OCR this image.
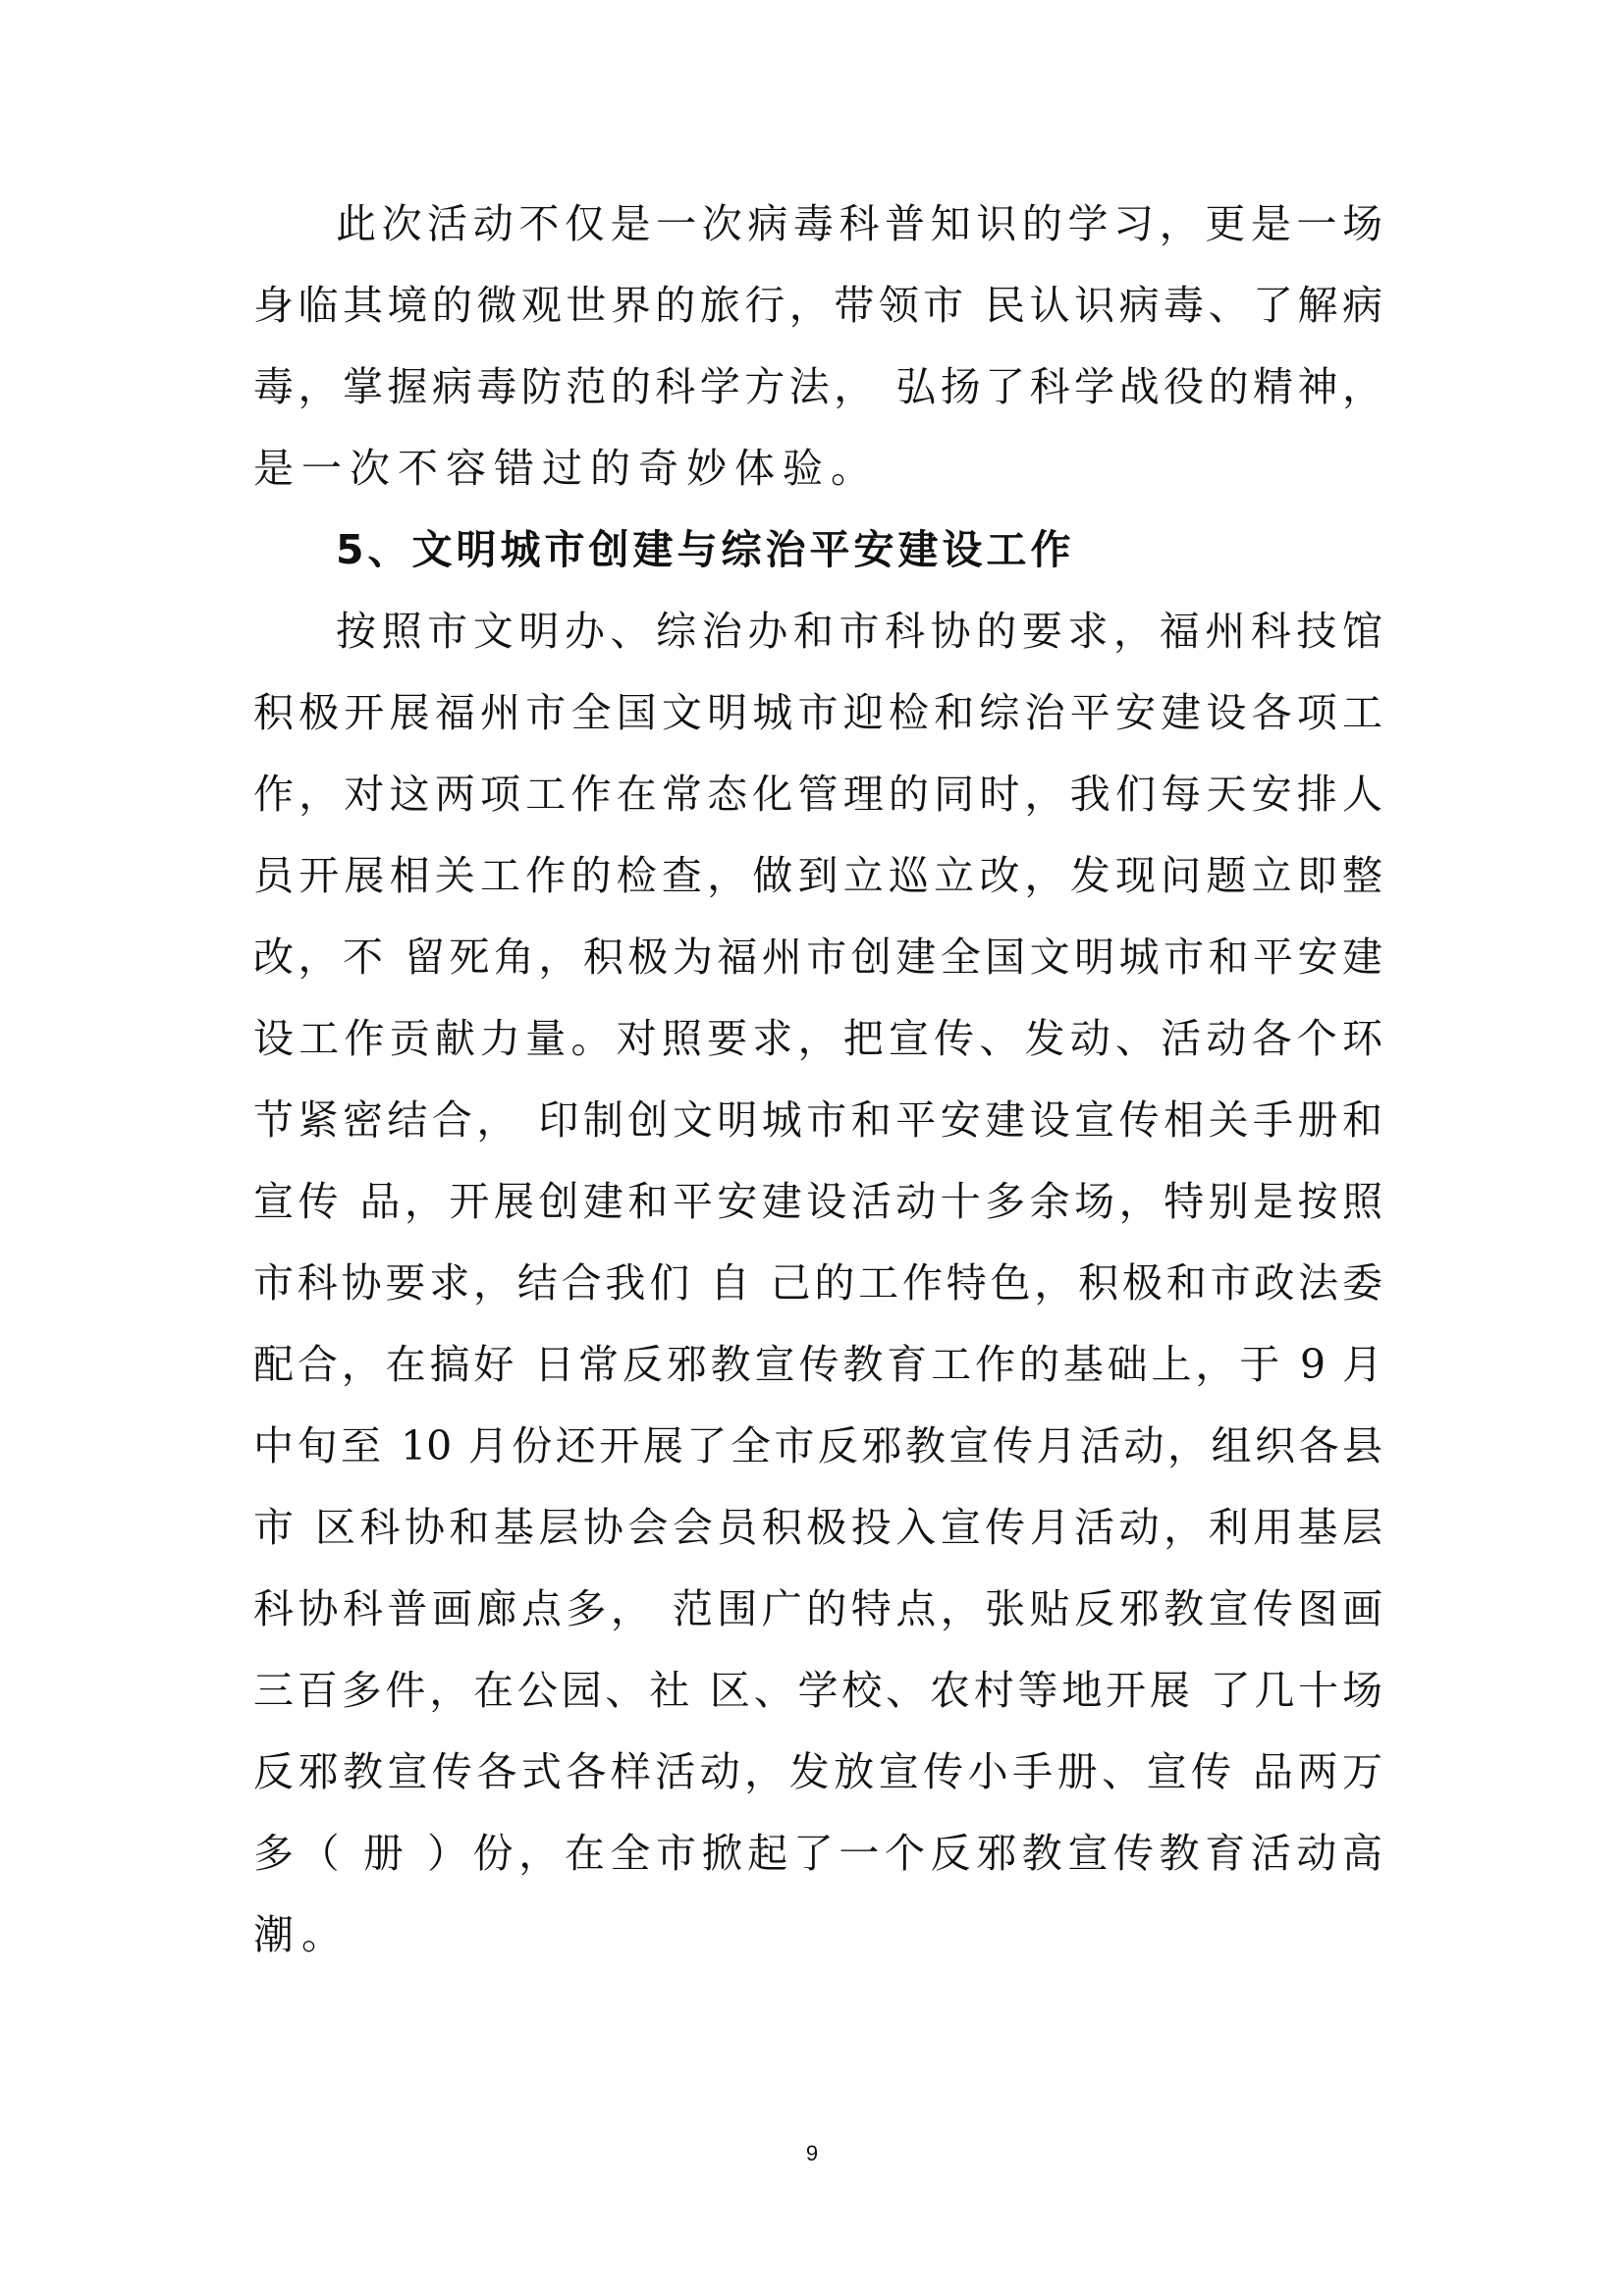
此次活动不仅是一次病毒科普知识的学习，更是一场
身临其境的微观世界的旅行，带领市 民认识病毒、了解病
毒，掌握病毒防范的科学方法， 弘扬了科学战役的精神，
是一次不容错过的奇妙体验。
5、文明城市创建与综治平安建设工作
按照市文明办、综治办和市科协的要求，福州科技馆
积极开展福州市全国文明城市迎检和综治平安建设各项工
作，对这两项工作在常态化管理的同时，我们每天安排人
员开展相关工作的检查，做到立巡立改，发现问题立即整
改，不 留死角，积极为福州市创建全国文明城市和平安建
设工作贡献力量。对照要求，把宣传、发动、活动各个环
节紧密结合， 印制创文明城市和平安建设宣传相关手册和
宣传 品，开展创建和平安建设活动十多余场，特别是按照
市科协要求，结合我们 自 己的工作特色，积极和市政法委
配合，在搞好 日常反邪教宣传教育工作的基础上，于 9 月
中旬至 10 月份还开展了全市反邪教宣传月活动，组织各县
市 区科协和基层协会会员积极投入宣传月活动，利用基层
科协科普画廊点多， 范围广的特点，张贴反邪教宣传图画
三百多件，在公园、社 区、学校、农村等地开展 了几十场
反邪教宣传各式各样活动，发放宣传小手册、宣传 品两万
多（ 册 ）份，在全市掀起了一个反邪教宣传教育活动高
潮。
9
